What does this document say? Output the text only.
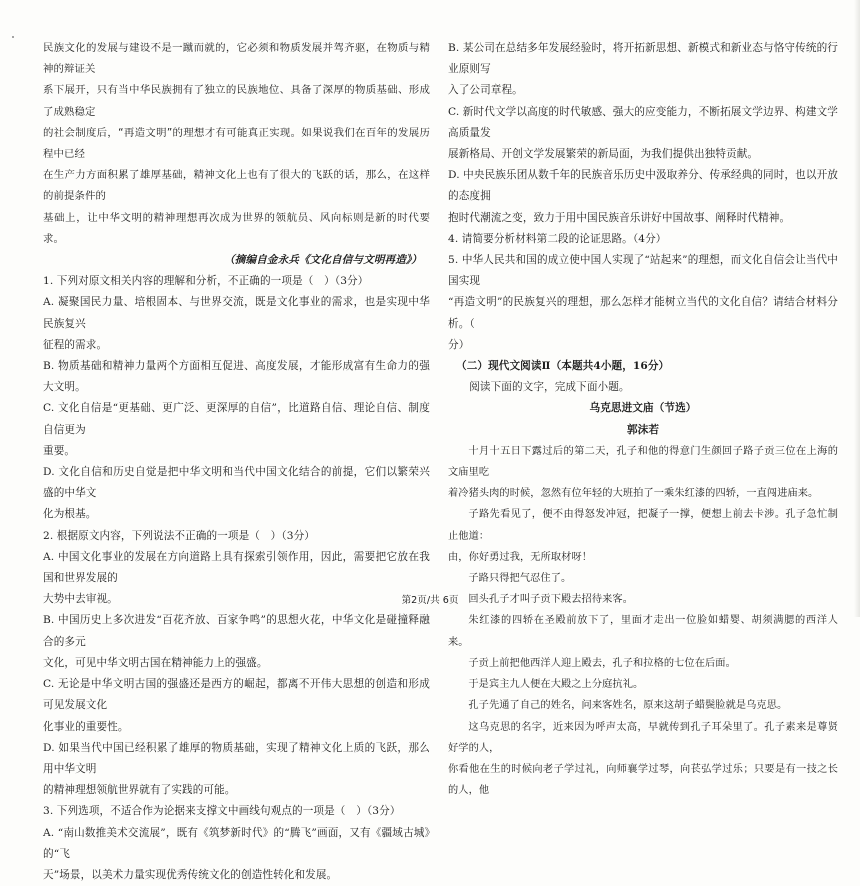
民族文化的发展与建设不是一蹴而就的，它必须和物质发展并驾齐驱，在物质与精神的辩证关

系下展开，只有当中华民族拥有了独立的民族地位、具备了深厚的物质基础、形成了成熟稳定

的社会制度后，“再造文明”的理想才有可能真正实现。如果说我们在百年的发展历程中已经

在生产力方面积累了雄厚基础，精神文化上也有了很大的飞跃的话，那么，在这样的前提条件的

基础上，让中华文明的精神理想再次成为世界的领航员、风向标则是新的时代要求。

（摘编自金永兵《文化自信与文明再造》）

1. 下列对原文相关内容的理解和分析，不正确的一项是（　）（3分）

A. 凝聚国民力量、培根固本、与世界交流，既是文化事业的需求，也是实现中华民族复兴

征程的需求。

B. 物质基础和精神力量两个方面相互促进、高度发展，才能形成富有生命力的强大文明。

C. 文化自信是“更基础、更广泛、更深厚的自信”，比道路自信、理论自信、制度自信更为

重要。

D. 文化自信和历史自觉是把中华文明和当代中国文化结合的前提，它们以繁荣兴盛的中华文

化为根基。

2. 根据原文内容，下列说法不正确的一项是（　）（3分）

A. 中国文化事业的发展在方向道路上具有探索引领作用，因此，需要把它放在我国和世界发展的

大势中去审视。

B. 中国历史上多次进发“百花齐放、百家争鸣”的思想火花，中华文化是碰撞释融合的多元

文化，可见中华文明古国在精神能力上的强盛。

C. 无论是中华文明古国的强盛还是西方的崛起，都离不开伟大思想的创造和形成可见发展文化

化事业的重要性。

D. 如果当代中国已经积累了雄厚的物质基础，实现了精神文化上质的飞跃，那么用中华文明

的精神理想领航世界就有了实践的可能。

3. 下列选项，不适合作为论据来支撑文中画线句观点的一项是（　）（3分）

A. “南山数推美术交流展”，既有《筑梦新时代》的“腾飞”画面，又有《疆域古城》的“飞

天”场景，以美术力量实现优秀传统文化的创造性转化和发展。

B. 某公司在总结多年发展经验时，将开拓新思想、新模式和新业态与恪守传统的行业原则写

入了公司章程。

C. 新时代文学以高度的时代敏感、强大的应变能力，不断拓展文学边界、构建文学高质量发

展新格局、开创文学发展繁荣的新局面，为我们提供出独特贡献。

D. 中央民族乐团从数千年的民族音乐历史中汲取养分、传承经典的同时，也以开放的态度拥

抱时代潮流之变，致力于用中国民族音乐讲好中国故事、阐释时代精神。

4. 请简要分析材料第二段的论证思路。（4分）

5. 中华人民共和国的成立使中国人实现了“站起来”的理想，而文化自信会让当代中国实现

“再造文明”的民族复兴的理想，那么怎样才能树立当代的文化自信？请结合材料分析。（

分）

（二）现代文阅读Ⅱ（本题共4小题，16分）

阅读下面的文字，完成下面小题。

乌克思进文庙（节选）

郭沫若

十月十五日下露过后的第二天，孔子和他的得意门生颜回子路子贡三位在上海的文庙里吃

着冷猪头肉的时候，忽然有位年轻的大班拍了一乘朱红漆的四轿，一直闯进庙来。

子路先看见了，便不由得怒发冲冠，把凝子一撑，便想上前去卡涉。孔子急忙制止他道：

由，你好勇过我，无所取材呀！

子路只得把气忍住了。

回头孔子才叫子贡下殿去招待来客。

朱红漆的四轿在圣殿前放下了，里面才走出一位脸如蜡婴、胡须满腮的西洋人来。

子贡上前把他西洋人迎上殿去，孔子和拉格的七位在后面。

于是宾主九人便在大殿之上分庭抗礼。

孔子先通了自己的姓名，问来客姓名，原来这胡子蜡鬓脸就是乌克思。

这乌克思的名字，近来因为呼声太高，早就传到孔子耳朵里了。孔子素来是尊贤好学的人，

你看他在生的时候向老子学过礼，向师襄学过琴，向苌弘学过乐；只要是有一技之长的人，他

第2页/共 6页
